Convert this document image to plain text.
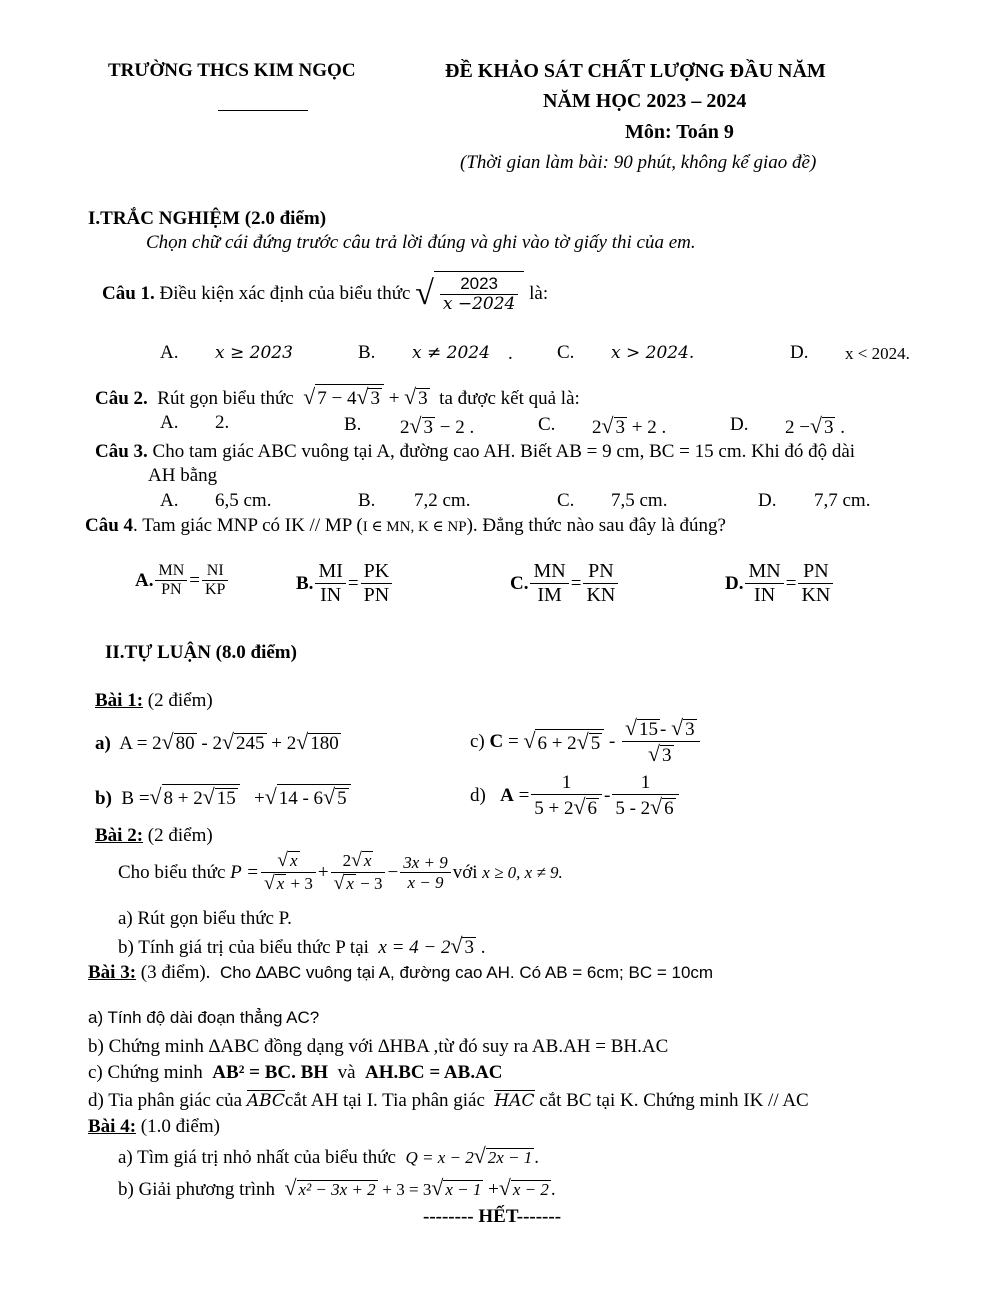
TRƯỜNG THCS KIM NGỌC	ĐỀ KHẢO SÁT CHẤT LƯỢNG ĐẦU NĂM
NĂM HỌC 2023 – 2024
Môn: Toán 9
(Thời gian làm bài: 90 phút, không kể giao đề)
I.TRẮC NGHIỆM (2.0 điểm)
Chọn chữ cái đứng trước câu trả lời đúng và ghi vào tờ giấy thi của em.
Câu 1.
Điều kiện xác định của biểu thức
√ $\frac{2023}{x -2024}$
là:
A. x ≥ 2023	B. x ≠ 2024 . C. x > 2024.	D. x < 2024.
Câu 2. Rút gọn biểu thức √ 7 − 4√ 3 + √ 3 ta được kết quả là:
A. 2.	B. 2√ 3 − 2 .	C. 2√ 3 + 2 .	D. 2 −√ 3 .
Câu 3. Cho tam giác ABC vuông tại A, đường cao AH. Biết AB = 9 cm, BC = 15 cm. Khi đó độ dài
AH bằng
A. 6,5 cm.	B. 7,2 cm.	C. 7,5 cm.	D. 7,7 cm.
Câu 4. Tam giác MNP có IK // MP (I ∈ MN, K ∈ NP). Đẳng thức nào sau đây là đúng?
A. $\frac{MN}{PN} = \frac{NI}{KP}$	B. $\frac{MI}{IN} = \frac{PK}{PN}$	C. $\frac{MN}{IM} = \frac{PN}{KN}$	D. $\frac{MN}{IN} = \frac{PN}{KN}$
II.TỰ LUẬN (8.0 điểm)
Bài 1: (2 điểm)
a) A = 2√ 80 - 2√ 245 + 2√ 180	c)
C
=
√ 6 + 2√ 5
-
$\frac{√ 15 - √ 3}{√ 3}$
b) B =√ 8 + 2√ 15 +√ 14 - 6√ 5	d)
A
= $\frac{1}{5 + 2√ 6} - \frac{1}{5 - 2√ 6}$
Bài 2: (2 điểm)
Cho biểu thức
$P = \frac{√ x}{√ x + 3} + \frac{2√ x}{√ x - 3} - \frac{3x + 9}{x - 9}$ với
x ≥ 0, x ≠ 9.
a) Rút gọn biểu thức P.
b) Tính giá trị của biểu thức P tại x = 4 − 2√ 3 .
Bài 3: (3 điểm). Cho ∆ABC vuông tại A, đường cao AH. Có AB = 6cm; BC = 10cm
a) Tính độ dài đoạn thẳng AC?
b) Chứng minh ∆ABC đồng dạng với ∆HBA ,từ đó suy ra AB.AH = BH.AC
c) Chứng minh AB² = BC. BH và AH.BC = AB.AC
d) Tia phân giác của ABCcắt AH tại I. Tia phân giác HAC cắt BC tại K. Chứng minh IK // AC
Bài 4: (1.0 điểm)
a) Tìm giá trị nhỏ nhất của biểu thức Q = x − 2√ 2x − 1 .
b) Giải phương trình √ x² − 3x + 2 + 3 = 3√ x − 1 +√ x − 2 .
-------- HẾT-------
